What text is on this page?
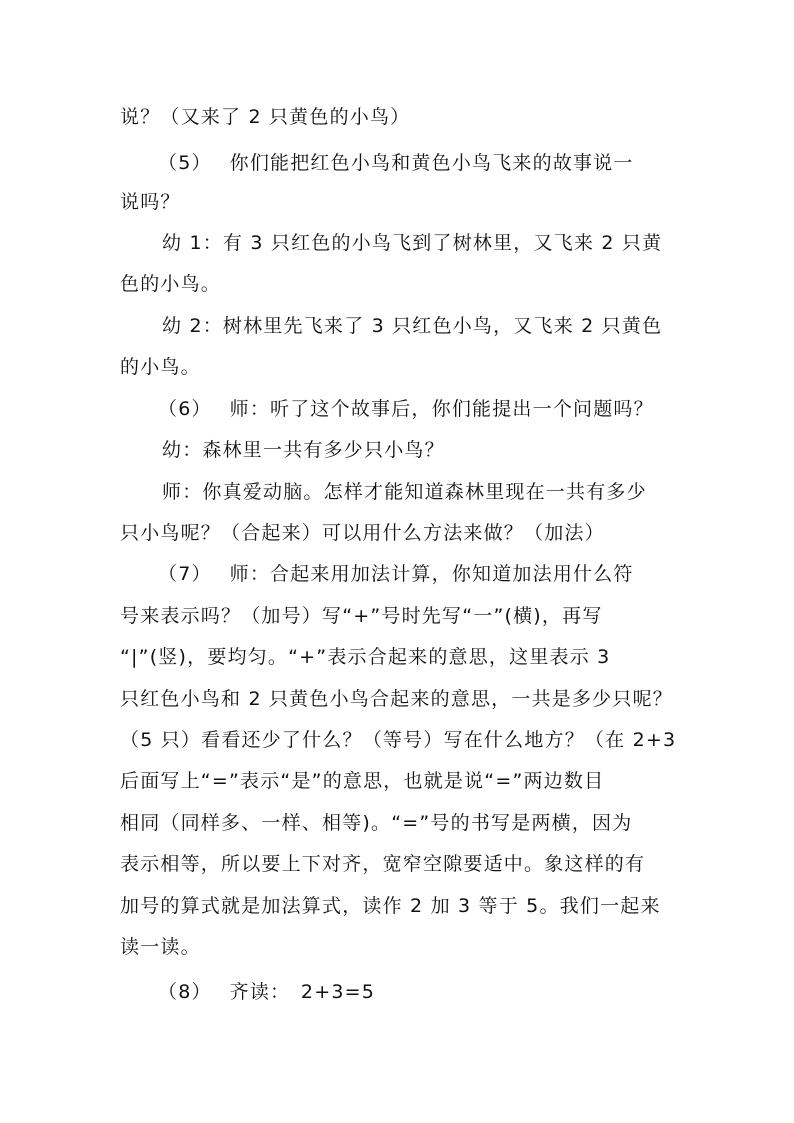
说？（又来了 2 只黄色的小鸟）
（5）　 你们能把红色小鸟和黄色小鸟飞来的故事说一
说吗？
幼 1：有 3 只红色的小鸟飞到了树林里，又飞来 2 只黄
色的小鸟。
幼 2：树林里先飞来了 3 只红色小鸟，又飞来 2 只黄色
的小鸟。
（6）　 师：听了这个故事后，你们能提出一个问题吗？
幼：森林里一共有多少只小鸟？
师：你真爱动脑。怎样才能知道森林里现在一共有多少
只小鸟呢？（合起来）可以用什么方法来做？（加法）
（7）　 师：合起来用加法计算，你知道加法用什么符
号来表示吗？（加号）写“+”号时先写“一”(横)，再写
“|”(竖)，要均匀。“+”表示合起来的意思，这里表示 3
只红色小鸟和 2 只黄色小鸟合起来的意思，一共是多少只呢？
（5 只）看看还少了什么？（等号）写在什么地方？（在 2+3
后面写上“=”表示“是”的意思，也就是说“=”两边数目
相同（同样多、一样、相等)。“=”号的书写是两横，因为
表示相等，所以要上下对齐，宽窄空隙要适中。象这样的有
加号的算式就是加法算式，读作 2 加 3 等于 5。我们一起来
读一读。
（8）　 齐读：　2+3=5
